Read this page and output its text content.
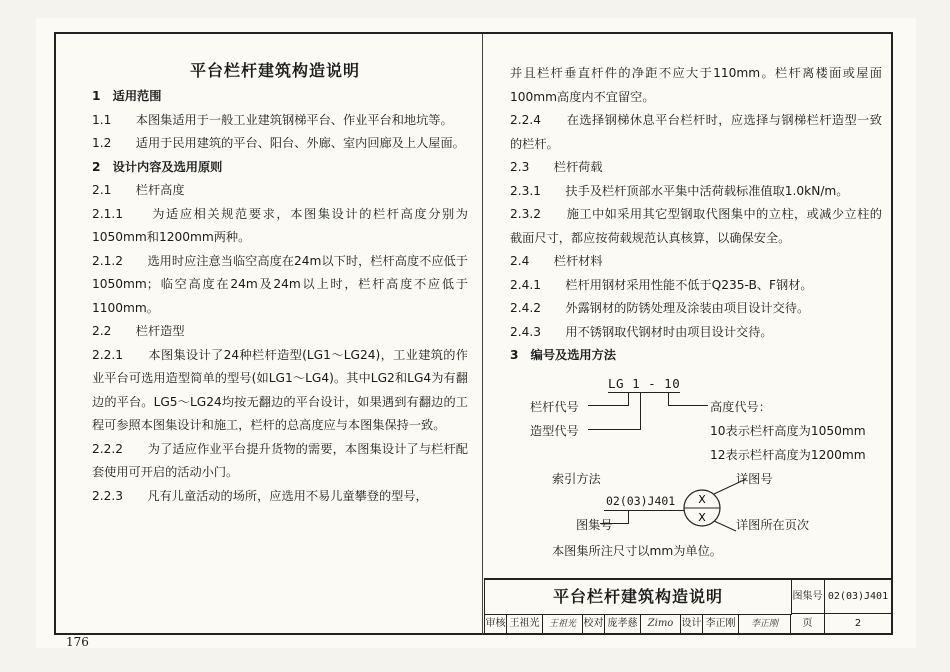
平台栏杆建筑构造说明
1　适用范围
1.1　　本图集适用于一般工业建筑钢梯平台、作业平台和地坑等。
1.2　　适用于民用建筑的平台、阳台、外廊、室内回廊及上人屋面。
2　设计内容及选用原则
2.1　　栏杆高度
2.1.1　　为适应相关规范要求，本图集设计的栏杆高度分别为1050mm和1200mm两种。
2.1.2　　选用时应注意当临空高度在24m以下时，栏杆高度不应低于1050mm；临空高度在24m及24m以上时，栏杆高度不应低于1100mm。
2.2　　栏杆造型
2.2.1　　本图集设计了24种栏杆造型(LG1～LG24)，工业建筑的作业平台可选用造型简单的型号(如LG1～LG4)。其中LG2和LG4为有翻边的平台。LG5～LG24均按无翻边的平台设计，如果遇到有翻边的工程可参照本图集设计和施工，栏杆的总高度应与本图集保持一致。
2.2.2　　为了适应作业平台提升货物的需要，本图集设计了与栏杆配套使用可开启的活动小门。
2.2.3　　凡有儿童活动的场所，应选用不易儿童攀登的型号，
并且栏杆垂直杆件的净距不应大于110mm。栏杆离楼面或屋面100mm高度内不宜留空。
2.2.4　　在选择钢梯休息平台栏杆时，应选择与钢梯栏杆造型一致的栏杆。
2.3　　栏杆荷载
2.3.1　　扶手及栏杆顶部水平集中活荷载标准值取1.0kN/m。
2.3.2　　施工中如采用其它型钢取代图集中的立柱，或减少立柱的截面尺寸，都应按荷载规范认真核算，以确保安全。
2.4　　栏杆材料
2.4.1　　栏杆用钢材采用性能不低于Q235-B、F钢材。
2.4.2　　外露钢材的防锈处理及涂装由项目设计交待。
2.4.3　　用不锈钢取代钢材时由项目设计交待。
3　编号及选用方法
LG 1 - 10
栏杆代号
造型代号
高度代号：
10表示栏杆高度为1050mm
12表示栏杆高度为1200mm
索引方法	详图号
02(03)J401 X
X
图集号	详图所在页次
本图集所注尺寸以mm为单位。
平台栏杆建筑构造说明	图集号 02(03)J401
审核 王祖光	王祖光 校对 庞孝慈	Zimo 设计 李正刚	李正刚	页	2
176
